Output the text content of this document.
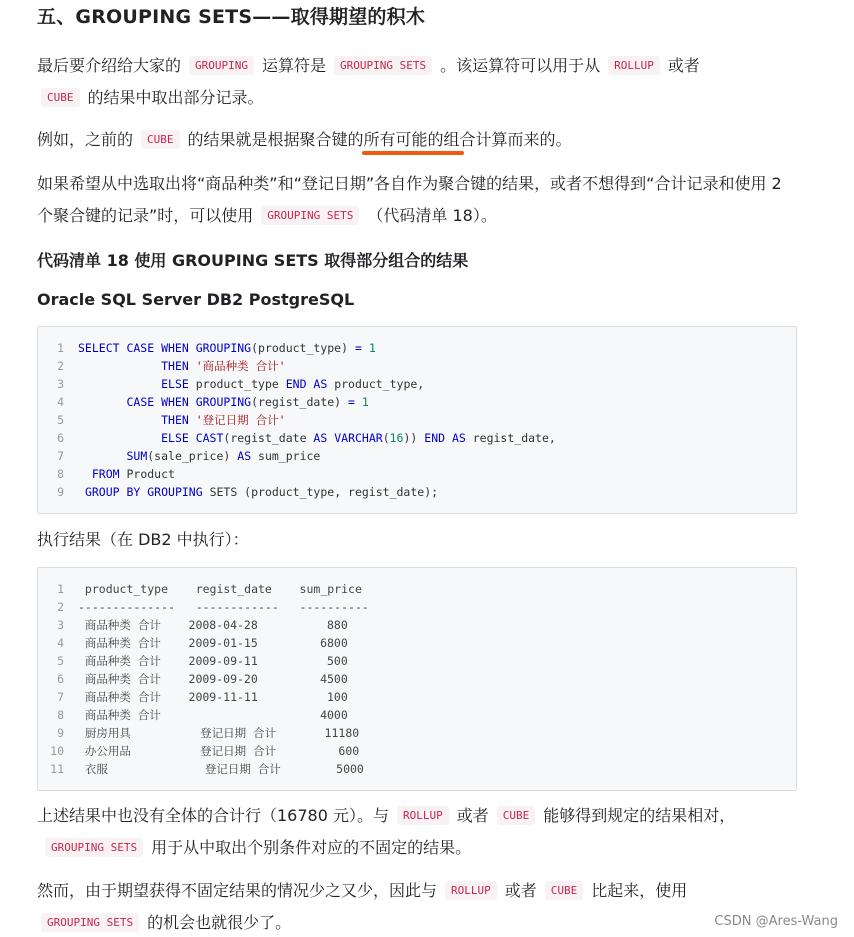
五、GROUPING SETS——取得期望的积木

最后要介绍给大家的 GROUPING 运算符是 GROUPING SETS 。该运算符可以用于从 ROLLUP 或者
CUBE 的结果中取出部分记录。

例如，之前的 CUBE 的结果就是根据聚合键的所有可能的组合计算而来的。

如果希望从中选取出将“商品种类”和“登记日期”各自作为聚合键的结果，或者不想得到“合计记录和使用 2 个聚合键的记录”时，可以使用 GROUPING SETS （代码清单 18）。

代码清单 18 使用 GROUPING SETS 取得部分组合的结果
Oracle SQL Server DB2 PostgreSQL
1	SELECT CASE WHEN GROUPING(product_type) = 1
2	THEN '商品种类 合计'
3	ELSE product_type END AS product_type,
4	CASE WHEN GROUPING(regist_date) = 1
5	THEN '登记日期 合计'
6	ELSE CAST(regist_date AS VARCHAR(16)) END AS regist_date,
7	SUM(sale_price) AS sum_price
8	FROM Product
9	GROUP BY GROUPING SETS (product_type, regist_date);
执行结果（在 DB2 中执行）：
1	product_type    regist_date    sum_price
2	--------------   ------------   ----------
3	商品种类 合计    2008-04-28          880
4	商品种类 合计    2009-01-15         6800
5	商品种类 合计    2009-09-11          500
6	商品种类 合计    2009-09-20         4500
7	商品种类 合计    2009-11-11          100
8	商品种类 合计                       4000
9	厨房用具          登记日期 合计       11180
10	办公用品          登记日期 合计         600
11	衣服              登记日期 合计        5000

上述结果中也没有全体的合计行（16780 元）。与 ROLLUP 或者 CUBE 能够得到规定的结果相对，GROUPING SETS 用于从中取出个别条件对应的不固定的结果。

然而，由于期望获得不固定结果的情况少之又少，因此与 ROLLUP 或者 CUBE 比起来，使用
GROUPING SETS 的机会也就很少了。	CSDN @Ares-Wang
